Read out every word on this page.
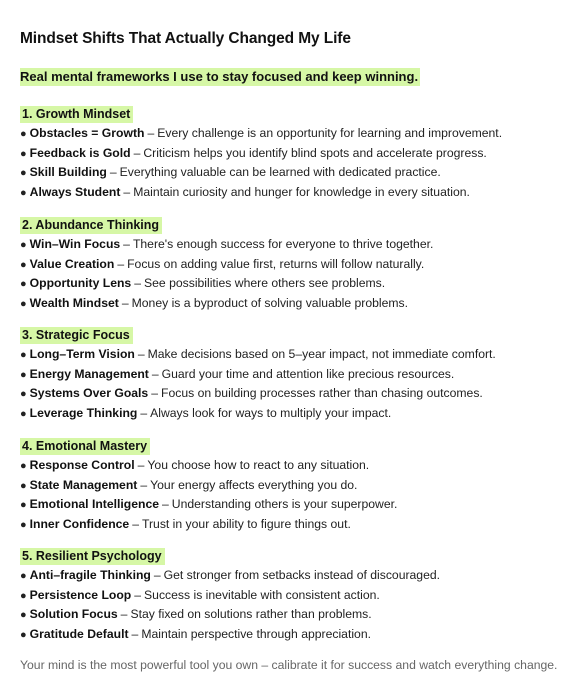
Mindset Shifts That Actually Changed My Life
Real mental frameworks I use to stay focused and keep winning.
1. Growth Mindset
● Obstacles = Growth – Every challenge is an opportunity for learning and improvement.
● Feedback is Gold – Criticism helps you identify blind spots and accelerate progress.
● Skill Building – Everything valuable can be learned with dedicated practice.
● Always Student – Maintain curiosity and hunger for knowledge in every situation.
2. Abundance Thinking
● Win–Win Focus – There's enough success for everyone to thrive together.
● Value Creation – Focus on adding value first, returns will follow naturally.
● Opportunity Lens – See possibilities where others see problems.
● Wealth Mindset – Money is a byproduct of solving valuable problems.
3. Strategic Focus
● Long–Term Vision – Make decisions based on 5–year impact, not immediate comfort.
● Energy Management – Guard your time and attention like precious resources.
● Systems Over Goals – Focus on building processes rather than chasing outcomes.
● Leverage Thinking – Always look for ways to multiply your impact.
4. Emotional Mastery
● Response Control – You choose how to react to any situation.
● State Management – Your energy affects everything you do.
● Emotional Intelligence – Understanding others is your superpower.
● Inner Confidence – Trust in your ability to figure things out.
5. Resilient Psychology
● Anti–fragile Thinking – Get stronger from setbacks instead of discouraged.
● Persistence Loop – Success is inevitable with consistent action.
● Solution Focus – Stay fixed on solutions rather than problems.
● Gratitude Default – Maintain perspective through appreciation.
Your mind is the most powerful tool you own – calibrate it for success and watch everything change.
